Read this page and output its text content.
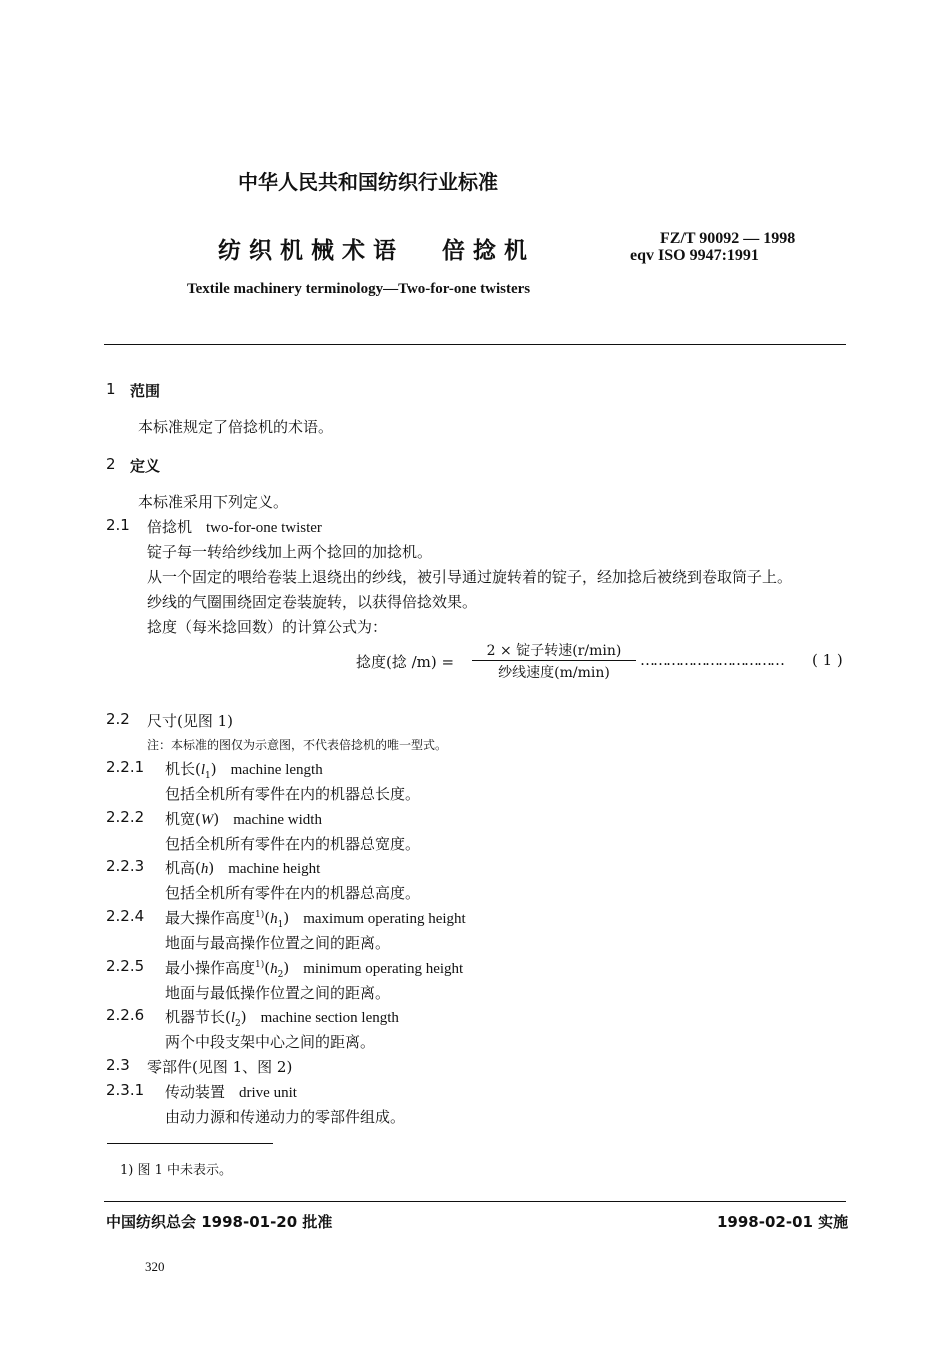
中华人民共和国纺织行业标准
纺 织 机 械 术 语　　倍 捻 机	FZ/T 90092 — 1998
eqv ISO 9947:1991
Textile machinery terminology—Two-for-one twisters
1 范围
本标准规定了倍捻机的术语。
2 定义
本标准采用下列定义。
2.1 倍捻机 two-for-one twister
锭子每一转给纱线加上两个捻回的加捻机。
从一个固定的喂给卷装上退绕出的纱线，被引导通过旋转着的锭子，经加捻后被绕到卷取筒子上。
纱线的气圈围绕固定卷装旋转，以获得倍捻效果。
捻度（每米捻回数）的计算公式为：
捻度(捻 /m) =
2 × 锭子转速(r/min)
纱线速度(m/min)
…………………………… ( 1 )
2.2 尺寸(见图 1)
注：本标准的图仅为示意图，不代表倍捻机的唯一型式。
2.2.1 机长$(l_1)$ machine length
包括全机所有零件在内的机器总长度。
2.2.2 机宽(W) machine width
包括全机所有零件在内的机器总宽度。
2.2.3 机高(h) machine height
包括全机所有零件在内的机器总高度。
2.2.4 最大操作高度$^{1)}(h_1)$ maximum operating height
地面与最高操作位置之间的距离。
2.2.5 最小操作高度$^{1)}(h_2)$ minimum operating height
地面与最低操作位置之间的距离。
2.2.6 机器节长$(l_2)$ machine section length
两个中段支架中心之间的距离。
2.3 零部件(见图 1、图 2)
2.3.1 传动装置 drive unit
由动力源和传递动力的零部件组成。
1) 图 1 中未表示。
中国纺织总会 1998-01-20 批准	1998-02-01 实施
320
